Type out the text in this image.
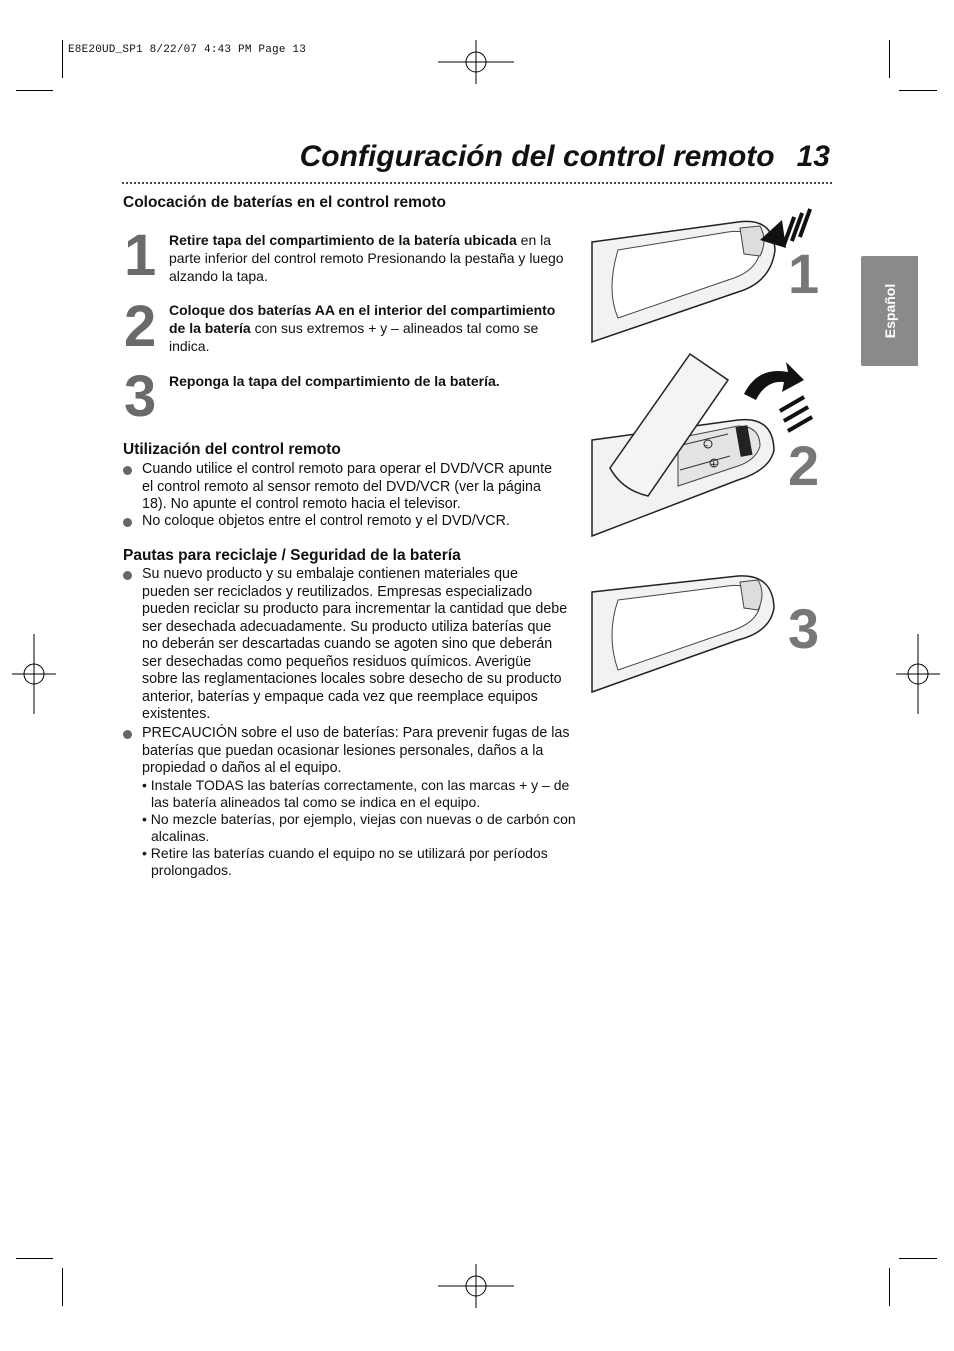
E8E20UD_SP1 8/22/07 4:43 PM Page 13
Configuración del control remoto 13
Español
Colocación de baterías en el control remoto
1 Retire tapa del compartimiento de la batería ubicada en la parte inferior del control remoto Presionando la pestaña y luego alzando la tapa.
2 Coloque dos baterías AA en el interior del compartimiento de la batería con sus extremos + y – alineados tal como se indica.
3 Reponga la tapa del compartimiento de la batería.
Utilización del control remoto
Cuando utilice el control remoto para operar el DVD/VCR apunte el control remoto al sensor remoto del DVD/VCR (ver la página 18). No apunte el control remoto hacia el televisor.
No coloque objetos entre el control remoto y el DVD/VCR.
Pautas para reciclaje / Seguridad de la batería
Su nuevo producto y su embalaje contienen materiales que pueden ser reciclados y reutilizados. Empresas especializado pueden reciclar su producto para incrementar la cantidad que debe ser desechada adecuadamente. Su producto utiliza baterías que no deberán ser descartadas cuando se agoten sino que deberán ser desechadas como pequeños residuos químicos. Averigüe sobre las reglamentaciones locales sobre desecho de su producto anterior, baterías y empaque cada vez que reemplace equipos existentes.
PRECAUCIÓN sobre el uso de baterías: Para prevenir fugas de las baterías que puedan ocasionar lesiones personales, daños a la propiedad o daños al el equipo.
• Instale TODAS las baterías correctamente, con las marcas + y – de las batería alineados tal como se indica en el equipo.
• No mezcle baterías, por ejemplo, viejas con nuevas o de carbón con alcalinas.
• Retire las baterías cuando el equipo no se utilizará por períodos prolongados.
1
–
+ 2
3
